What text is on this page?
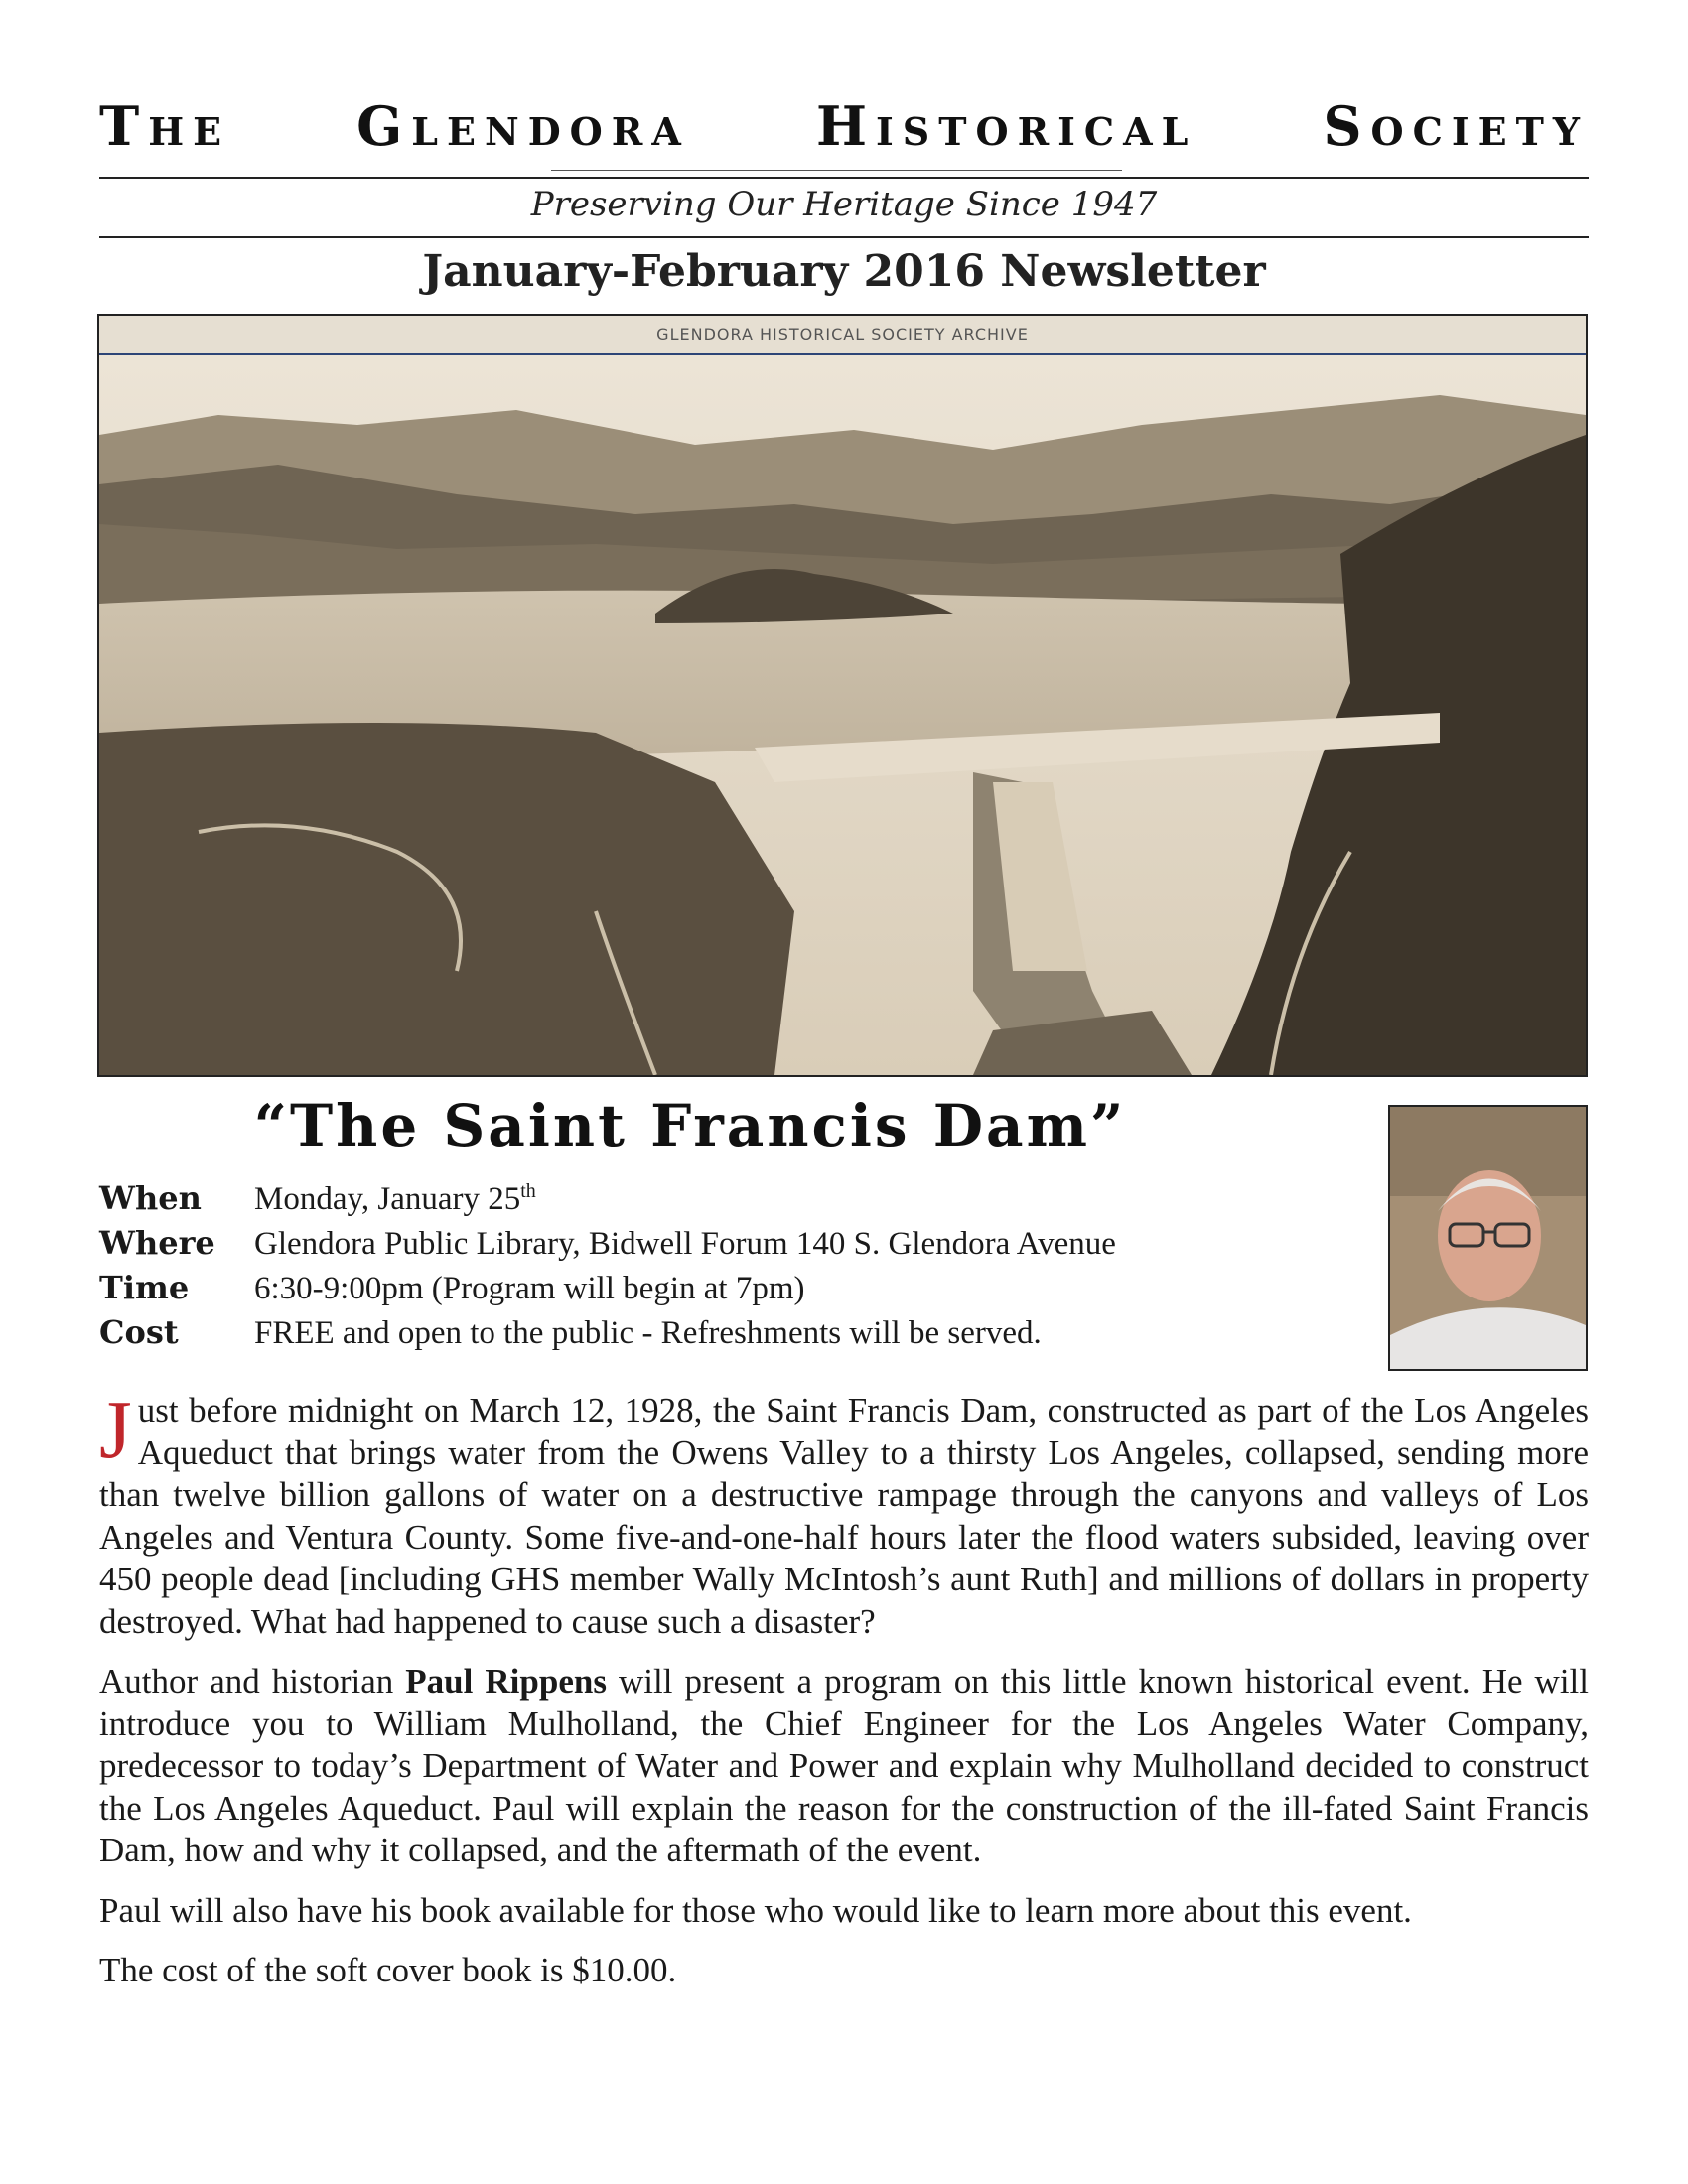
THE GLENDORA HISTORICAL SOCIETY
Preserving Our Heritage Since 1947
January-February 2016 Newsletter
GLENDORA HISTORICAL SOCIETY ARCHIVE
“The Saint Francis Dam”
When	Monday, January 25th
Where	Glendora Public Library, Bidwell Forum 140 S. Glendora Avenue
Time	6:30-9:00pm (Program will begin at 7pm)
Cost	FREE and open to the public - Refreshments will be served.

Just before midnight on March 12, 1928, the Saint Francis Dam, constructed as part of the Los Angeles Aqueduct that brings water from the Owens Valley to a thirsty Los Angeles, collapsed, sending more than twelve billion gallons of water on a destructive rampage through the canyons and valleys of Los Angeles and Ventura County. Some five-and-one-half hours later the flood waters subsided, leaving over 450 people dead [including GHS member Wally McIntosh’s aunt Ruth] and millions of dollars in property destroyed. What had happened to cause such a disaster?

Author and historian Paul Rippens will present a program on this little known historical event. He will introduce you to William Mulholland, the Chief Engineer for the Los Angeles Water Company, predecessor to today’s Department of Water and Power and explain why Mulholland decided to construct the Los Angeles Aqueduct. Paul will explain the reason for the construction of the ill-fated Saint Francis Dam, how and why it collapsed, and the aftermath of the event.

Paul will also have his book available for those who would like to learn more about this event.

The cost of the soft cover book is $10.00.
